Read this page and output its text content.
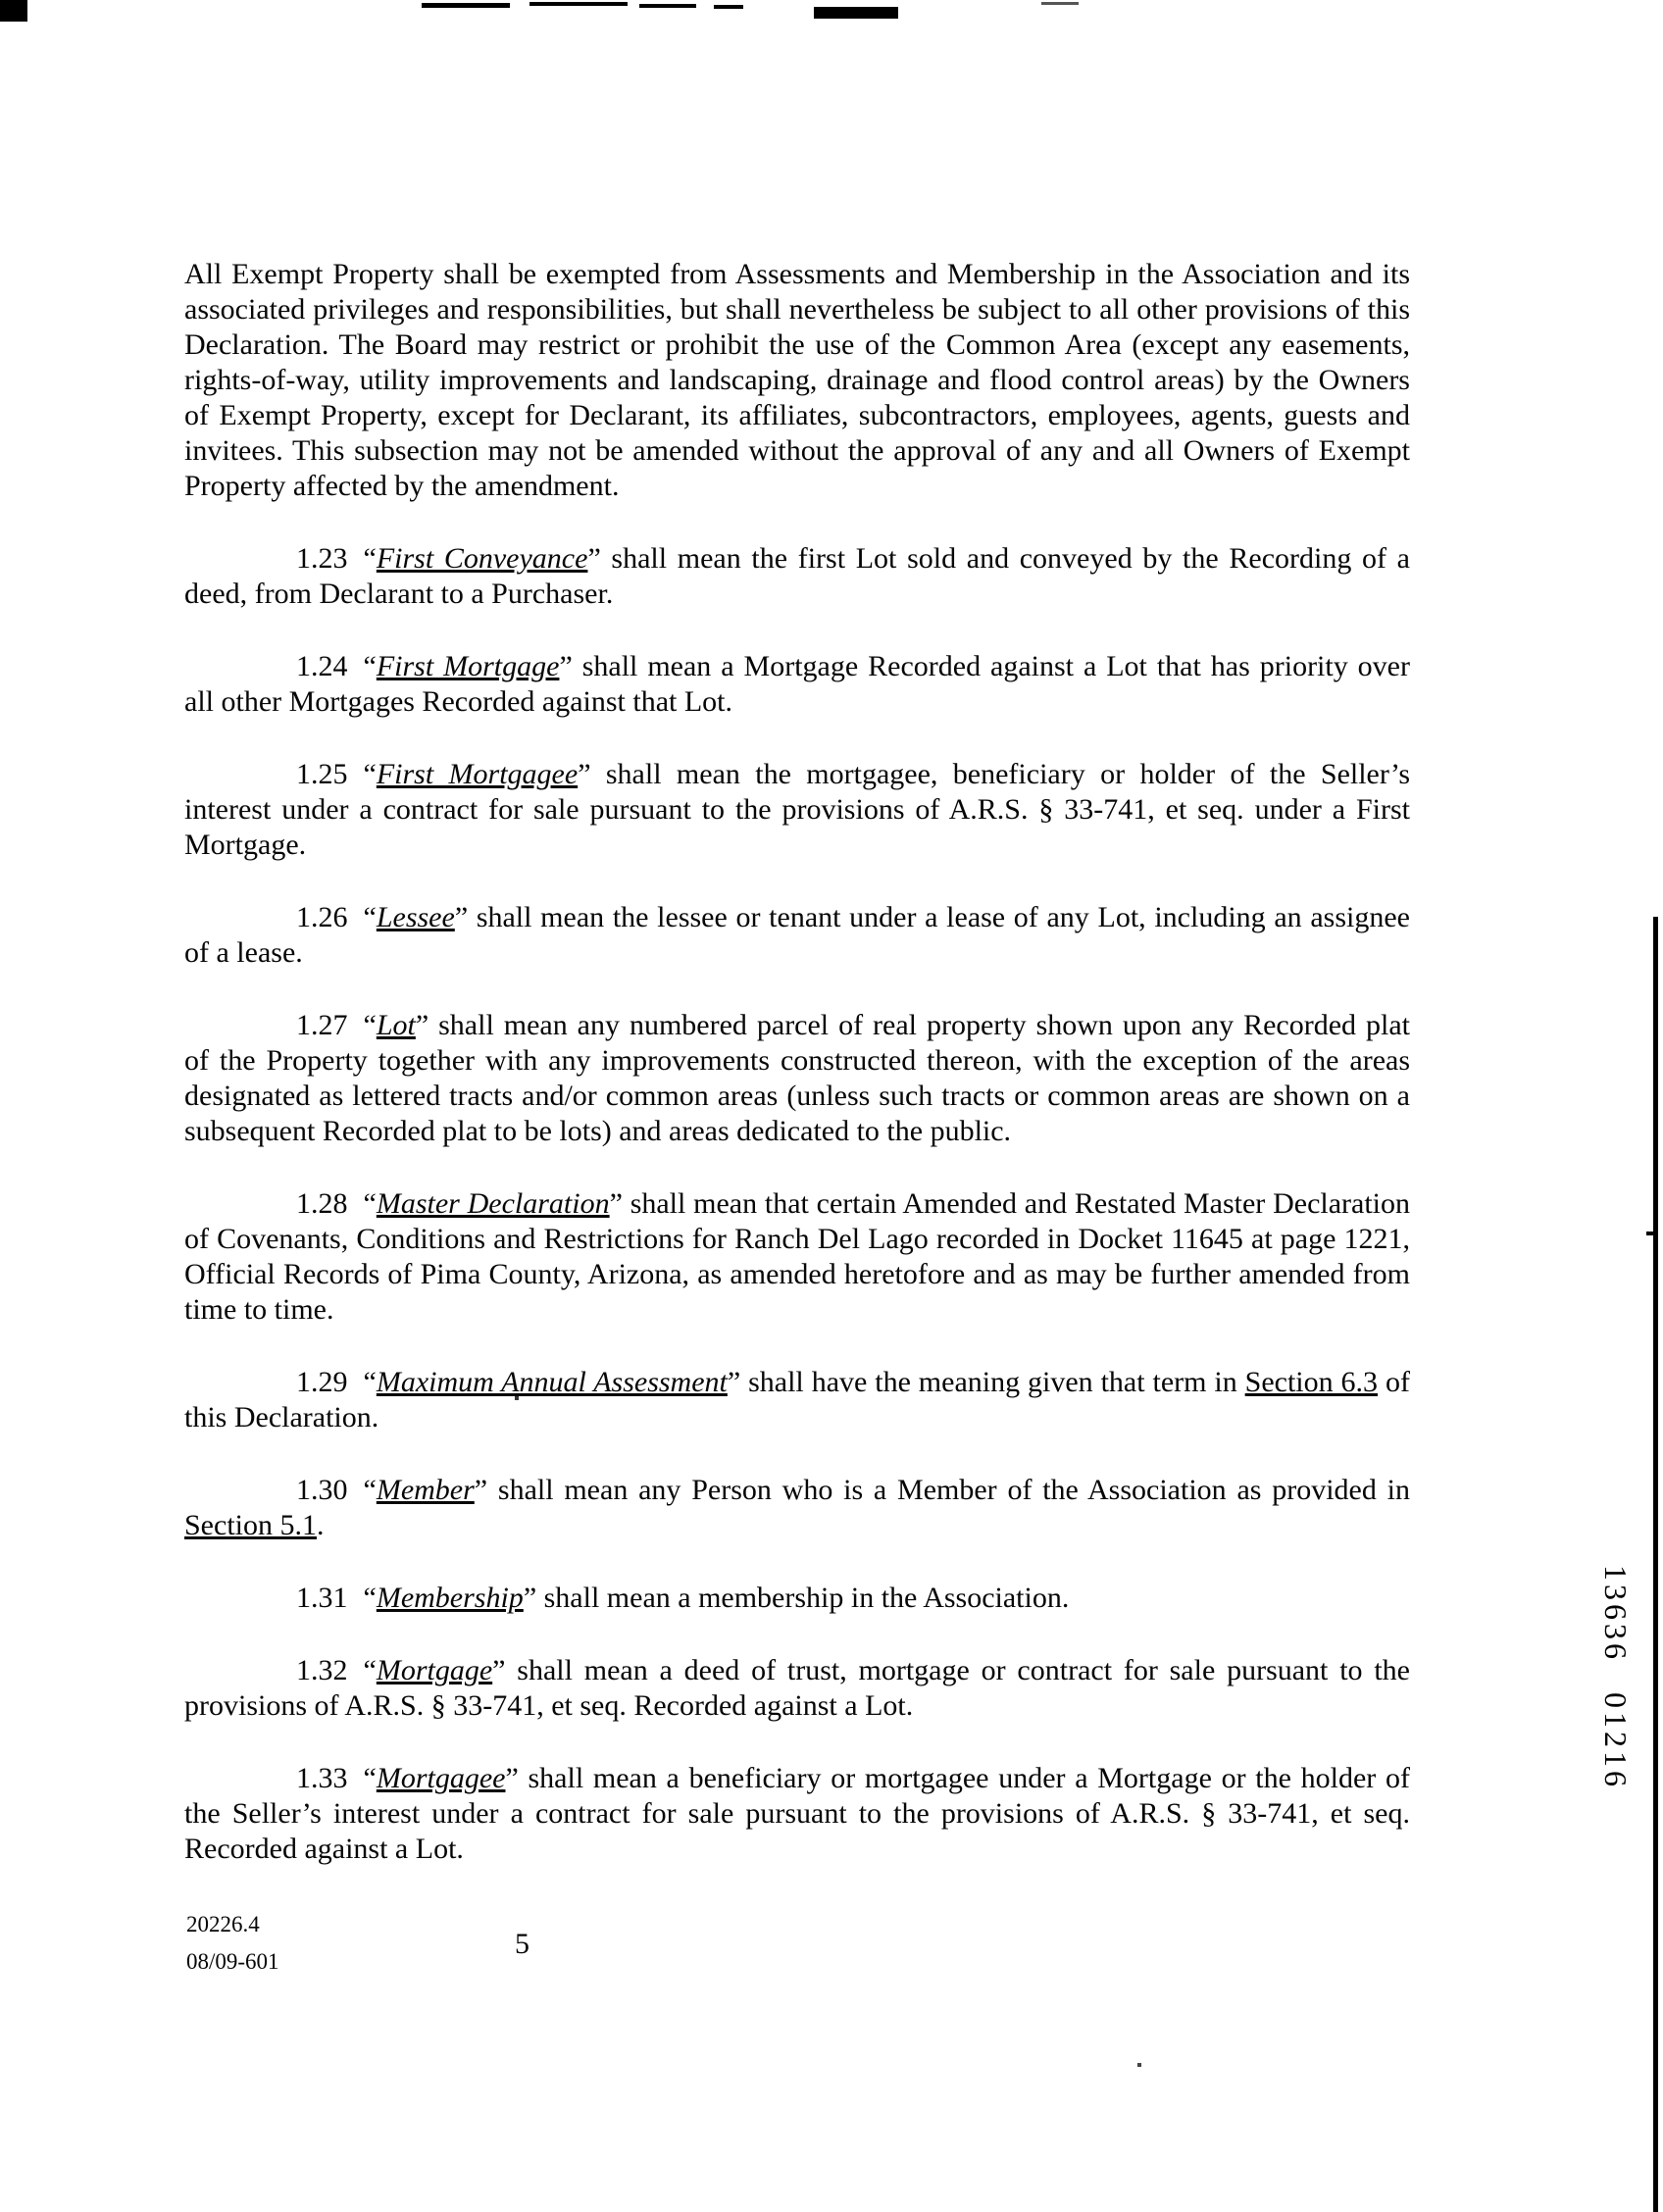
All Exempt Property shall be exempted from Assessments and Membership in the Association and its associated privileges and responsibilities, but shall nevertheless be subject to all other provisions of this Declaration. The Board may restrict or prohibit the use of the Common Area (except any easements, rights-of-way, utility improvements and landscaping, drainage and flood control areas) by the Owners of Exempt Property, except for Declarant, its affiliates, subcontractors, employees, agents, guests and invitees. This subsection may not be amended without the approval of any and all Owners of Exempt Property affected by the amendment.

1.23 “First Conveyance” shall mean the first Lot sold and conveyed by the Recording of a deed, from Declarant to a Purchaser.

1.24 “First Mortgage” shall mean a Mortgage Recorded against a Lot that has priority over all other Mortgages Recorded against that Lot.

1.25 “First Mortgagee” shall mean the mortgagee, beneficiary or holder of the Seller’s interest under a contract for sale pursuant to the provisions of A.R.S. § 33-741, et seq. under a First Mortgage.

1.26 “Lessee” shall mean the lessee or tenant under a lease of any Lot, including an assignee of a lease.

1.27 “Lot” shall mean any numbered parcel of real property shown upon any Recorded plat of the Property together with any improvements constructed thereon, with the exception of the areas designated as lettered tracts and/or common areas (unless such tracts or common areas are shown on a subsequent Recorded plat to be lots) and areas dedicated to the public.

1.28 “Master Declaration” shall mean that certain Amended and Restated Master Declaration of Covenants, Conditions and Restrictions for Ranch Del Lago recorded in Docket 11645 at page 1221, Official Records of Pima County, Arizona, as amended heretofore and as may be further amended from time to time.

1.29 “Maximum Annual Assessment” shall have the meaning given that term in Section 6.3 of this Declaration.

1.30 “Member” shall mean any Person who is a Member of the Association as provided in Section 5.1.

1.31 “Membership” shall mean a membership in the Association.

1.32 “Mortgage” shall mean a deed of trust, mortgage or contract for sale pursuant to the provisions of A.R.S. § 33-741, et seq. Recorded against a Lot.

1.33 “Mortgagee” shall mean a beneficiary or mortgagee under a Mortgage or the holder of the Seller’s interest under a contract for sale pursuant to the provisions of A.R.S. § 33-741, et seq. Recorded against a Lot.

20226.4
08/09-601
5
13636 01216
